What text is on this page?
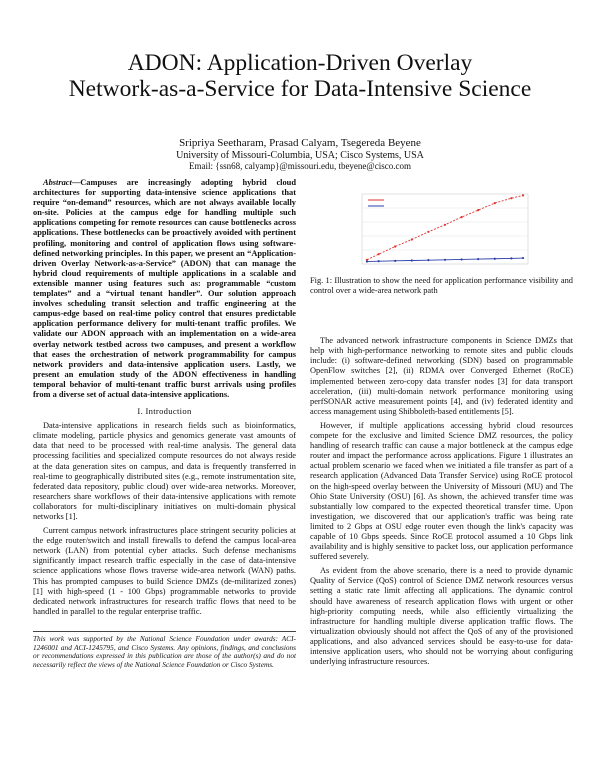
ADON: Application-Driven Overlay
Network-as-a-Service for Data-Intensive Science
Sripriya Seetharam, Prasad Calyam, Tsegereda Beyene
University of Missouri-Columbia, USA; Cisco Systems, USA
Email: {ssn68, calyamp}@missouri.edu, tbeyene@cisco.com

Abstract—Campuses are increasingly adopting hybrid cloud architectures for supporting data-intensive science applications that require “on-demand” resources, which are not always available locally on-site. Policies at the campus edge for handling multiple such applications competing for remote resources can cause bottlenecks across applications. These bottlenecks can be proactively avoided with pertinent profiling, monitoring and control of application flows using software-defined networking principles. In this paper, we present an “Application-driven Overlay Network-as-a-Service” (ADON) that can manage the hybrid cloud requirements of multiple applications in a scalable and extensible manner using features such as: programmable “custom templates” and a “virtual tenant handler”. Our solution approach involves scheduling transit selection and traffic engineering at the campus-edge based on real-time policy control that ensures predictable application performance delivery for multi-tenant traffic profiles. We validate our ADON approach with an implementation on a wide-area overlay network testbed across two campuses, and present a workflow that eases the orchestration of network programmability for campus network providers and data-intensive application users. Lastly, we present an emulation study of the ADON effectiveness in handling temporal behavior of multi-tenant traffic burst arrivals using profiles from a diverse set of actual data-intensive applications.

I. Introduction

Data-intensive applications in research fields such as bioinformatics, climate modeling, particle physics and genomics generate vast amounts of data that need to be processed with real-time analysis. The general data processing facilities and specialized compute resources do not always reside at the data generation sites on campus, and data is frequently transferred in real-time to geographically distributed sites (e.g., remote instrumentation site, federated data repository, public cloud) over wide-area networks. Moreover, researchers share workflows of their data-intensive applications with remote collaborators for multi-disciplinary initiatives on multi-domain physical networks [1].

Current campus network infrastructures place stringent security policies at the edge router/switch and install firewalls to defend the campus local-area network (LAN) from potential cyber attacks. Such defense mechanisms significantly impact research traffic especially in the case of data-intensive science applications whose flows traverse wide-area network (WAN) paths. This has prompted campuses to build Science DMZs (de-militarized zones) [1] with high-speed (1 - 100 Gbps) programmable networks to provide dedicated network infrastructures for research traffic flows that need to be handled in parallel to the regular enterprise traffic.

This work was supported by the National Science Foundation under awards: ACI-1246001 and ACI-1245795, and Cisco Systems. Any opinions, findings, and conclusions or recommendations expressed in this publication are those of the author(s) and do not necessarily reflect the views of the National Science Foundation or Cisco Systems.

Fig. 1: Illustration to show the need for application performance visibility and control over a wide-area network path

The advanced network infrastructure components in Science DMZs that help with high-performance networking to remote sites and public clouds include: (i) software-defined networking (SDN) based on programmable OpenFlow switches [2], (ii) RDMA over Converged Ethernet (RoCE) implemented between zero-copy data transfer nodes [3] for data transport acceleration, (iii) multi-domain network performance monitoring using perfSONAR active measurement points [4], and (iv) federated identity and access management using Shibboleth-based entitlements [5].

However, if multiple applications accessing hybrid cloud resources compete for the exclusive and limited Science DMZ resources, the policy handling of research traffic can cause a major bottleneck at the campus edge router and impact the performance across applications. Figure 1 illustrates an actual problem scenario we faced when we initiated a file transfer as part of a research application (Advanced Data Transfer Service) using RoCE protocol on the high-speed overlay between the University of Missouri (MU) and The Ohio State University (OSU) [6]. As shown, the achieved transfer time was substantially low compared to the expected theoretical transfer time. Upon investigation, we discovered that our application's traffic was being rate limited to 2 Gbps at OSU edge router even though the link's capacity was capable of 10 Gbps speeds. Since RoCE protocol assumed a 10 Gbps link availability and is highly sensitive to packet loss, our application performance suffered severely.

As evident from the above scenario, there is a need to provide dynamic Quality of Service (QoS) control of Science DMZ network resources versus setting a static rate limit affecting all applications. The dynamic control should have awareness of research application flows with urgent or other high-priority computing needs, while also efficiently virtualizing the infrastructure for handling multiple diverse application traffic flows. The virtualization obviously should not affect the QoS of any of the provisioned applications, and also advanced services should be easy-to-use for data-intensive application users, who should not be worrying about configuring underlying infrastructure resources.
